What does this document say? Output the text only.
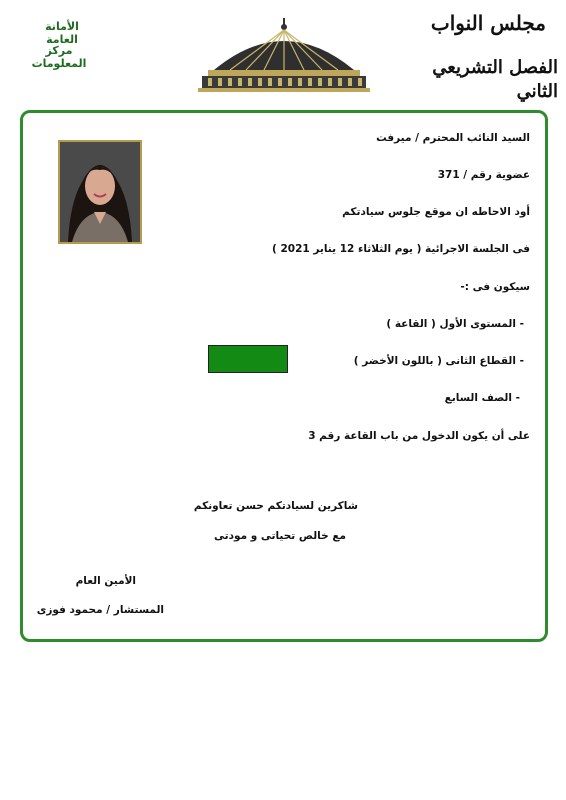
مجلس النواب
الفصل التشريعي الثاني
الأمانة العامة
مركز المعلومات
السيد النائب المحترم / ميرفت
عضوية رقم / 371
أود الاحاطه ان موقع جلوس سيادتكم
فى الجلسة الاجرائية ( يوم الثلاثاء 12 يناير 2021 )
سيكون فى :-
- المستوى الأول ( القاعة )
- القطاع الثانى ( باللون الأخضر )
- الصف السابع
على أن يكون الدخول من باب القاعة رقم 3
شاكرين لسيادتكم حسن تعاونكم
مع خالص تحياتى و مودتى
الأمين العام
المستشار / محمود فوزى
